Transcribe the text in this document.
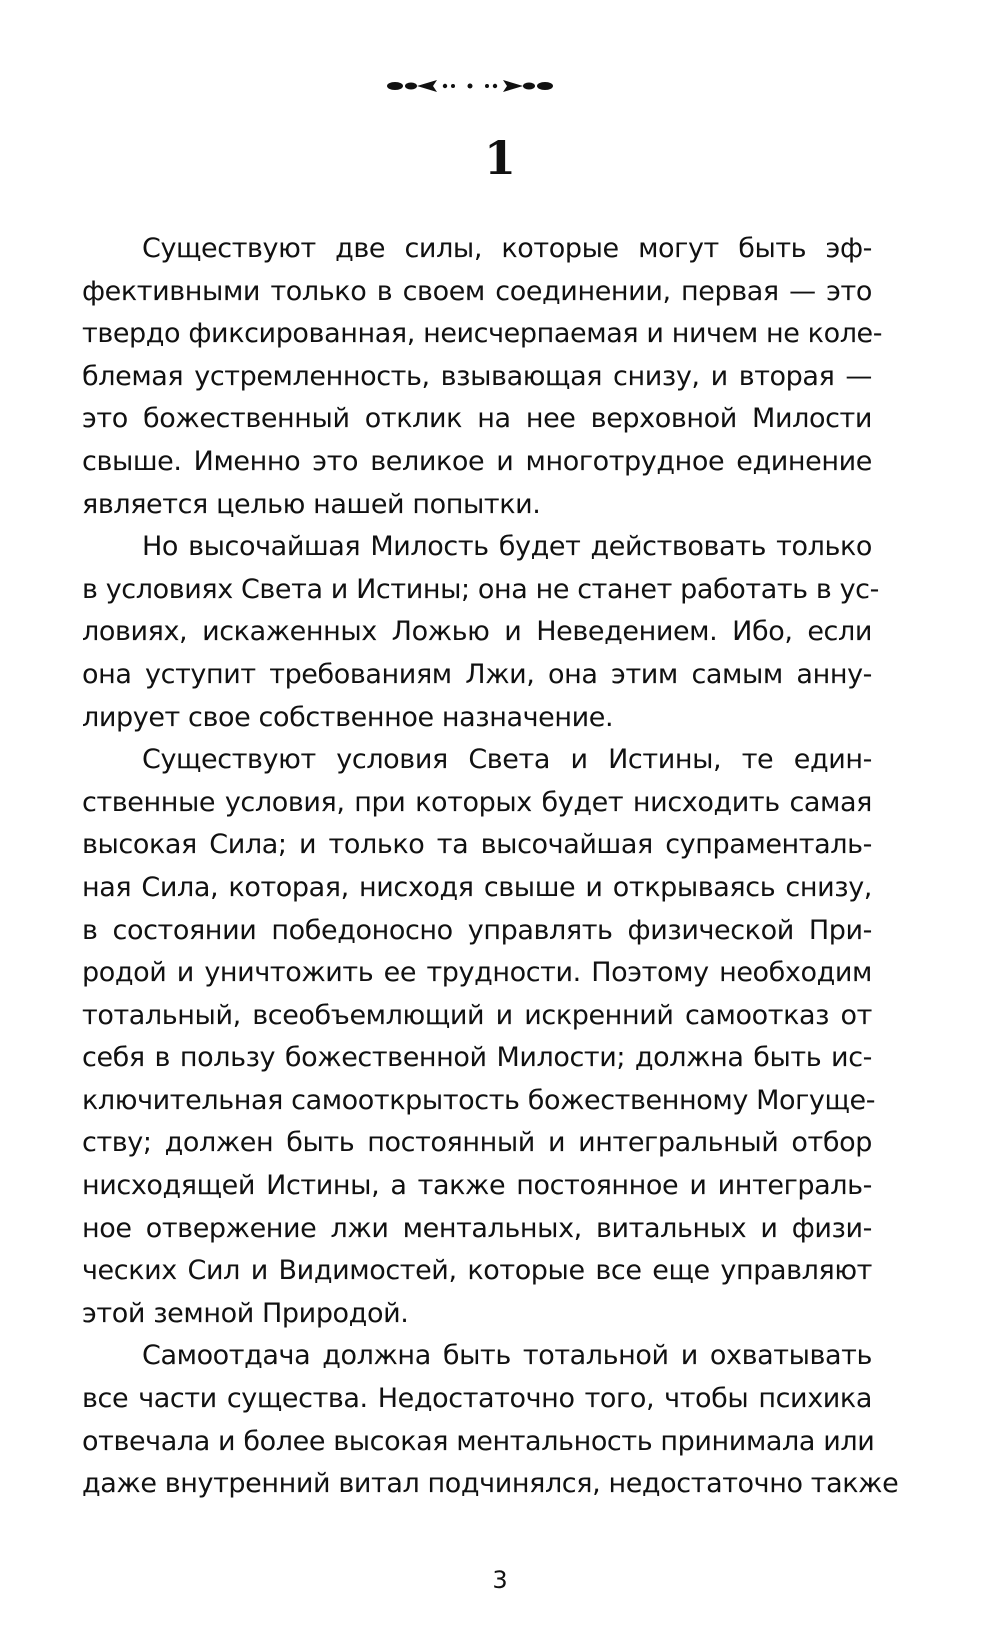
1
Существуют две силы, которые могут быть эф-
фективными только в своем соединении, первая — это
твердо фиксированная, неисчерпаемая и ничем не коле-
блемая устремленность, взывающая снизу, и вторая —
это божественный отклик на нее верховной Милости
свыше. Именно это великое и многотрудное единение
является целью нашей попытки.
Но высочайшая Милость будет действовать только
в условиях Света и Истины; она не станет работать в ус-
ловиях, искаженных Ложью и Неведением. Ибо, если
она уступит требованиям Лжи, она этим самым анну-
лирует свое собственное назначение.
Существуют условия Света и Истины, те един-
ственные условия, при которых будет нисходить самая
высокая Сила; и только та высочайшая супраменталь-
ная Сила, которая, нисходя свыше и открываясь снизу,
в состоянии победоносно управлять физической При-
родой и уничтожить ее трудности. Поэтому необходим
тотальный, всеобъемлющий и искренний самоотказ от
себя в пользу божественной Милости; должна быть ис-
ключительная самооткрытость божественному Могуще-
ству; должен быть постоянный и интегральный отбор
нисходящей Истины, а также постоянное и интеграль-
ное отвержение лжи ментальных, витальных и физи-
ческих Сил и Видимостей, которые все еще управляют
этой земной Природой.
Самоотдача должна быть тотальной и охватывать
все части существа. Недостаточно того, чтобы психика
отвечала и более высокая ментальность принимала или
даже внутренний витал подчинялся, недостаточно также
3
